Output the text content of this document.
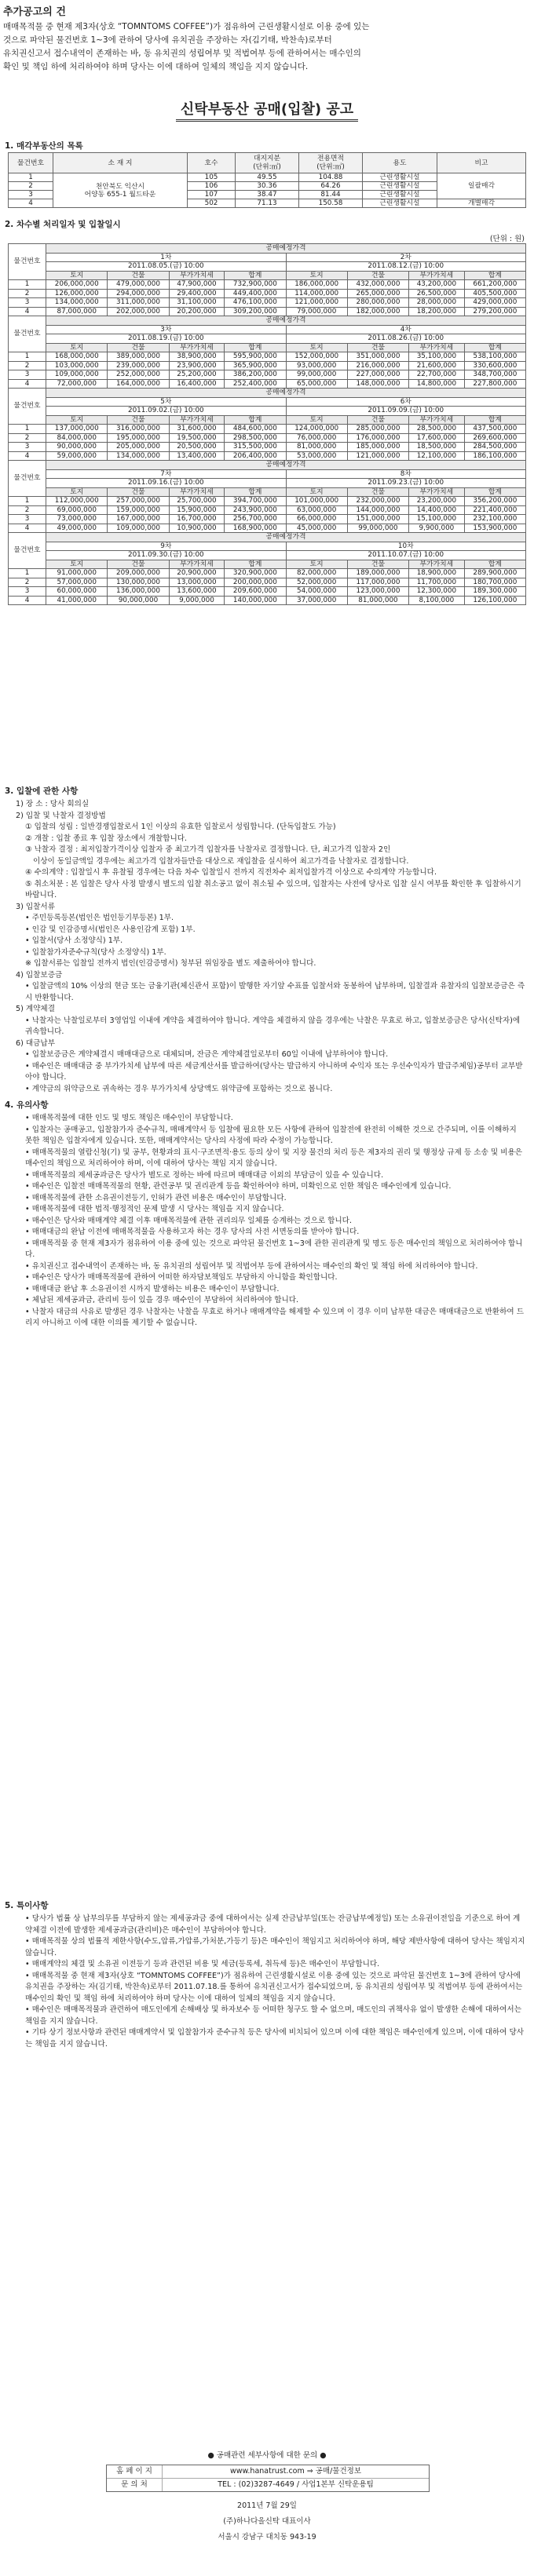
추가공고의 건
매매목적물 중 현재 제3자(상호 “TOMNTOMS COFFEE”)가 점유하여 근린생활시설로 이용 중에 있는
것으로 파악된 물건번호 1~3에 관하여 당사에 유치권을 주장하는 자(김기태, 박찬속)로부터
유치권신고서 접수내역이 존재하는 바, 동 유치권의 성립여부 및 적법여부 등에 관하여서는 매수인의
확인 및 책임 하에 처리하여야 하며 당사는 이에 대하여 일체의 책임을 지지 않습니다.
신탁부동산 공매(입찰) 공고
1. 매각부동산의 목록
물건번호	소 재 지	호수	대지지분
(단위:㎡)	전용면적
(단위:㎡)	용도	비고
1	천안북도 익산시
어양동 655-1 월드타운	105	49.55	104.88	근린생활시설	일괄매각
2		106	30.36	64.26	근린생활시설	
3		107	38.47	81.44	근린생활시설	
4		502	71.13	150.58	근린생활시설	개별매각
2. 차수별 처리일자 및 입찰일시
(단위 : 원)
물건번호	공매예정가격							
	1차				2차			
	2011.08.05.(금) 10:00				2011.08.12.(금) 10:00			
	토지	건물	부가가치세	합계	토지	건물	부가가치세	합계
1	206,000,000	479,000,000	47,900,000	732,900,000	186,000,000	432,000,000	43,200,000	661,200,000
2	126,000,000	294,000,000	29,400,000	449,400,000	114,000,000	265,000,000	26,500,000	405,500,000
3	134,000,000	311,000,000	31,100,000	476,100,000	121,000,000	280,000,000	28,000,000	429,000,000
4	87,000,000	202,000,000	20,200,000	309,200,000	79,000,000	182,000,000	18,200,000	279,200,000
물건번호	공매예정가격							
	3차				4차			
	2011.08.19.(금) 10:00				2011.08.26.(금) 10:00			
	토지	건물	부가가치세	합계	토지	건물	부가가치세	합계
1	168,000,000	389,000,000	38,900,000	595,900,000	152,000,000	351,000,000	35,100,000	538,100,000
2	103,000,000	239,000,000	23,900,000	365,900,000	93,000,000	216,000,000	21,600,000	330,600,000
3	109,000,000	252,000,000	25,200,000	386,200,000	99,000,000	227,000,000	22,700,000	348,700,000
4	72,000,000	164,000,000	16,400,000	252,400,000	65,000,000	148,000,000	14,800,000	227,800,000
물건번호	공매예정가격							
	5차				6차			
	2011.09.02.(금) 10:00				2011.09.09.(금) 10:00			
	토지	건물	부가가치세	합계	토지	건물	부가가치세	합계
1	137,000,000	316,000,000	31,600,000	484,600,000	124,000,000	285,000,000	28,500,000	437,500,000
2	84,000,000	195,000,000	19,500,000	298,500,000	76,000,000	176,000,000	17,600,000	269,600,000
3	90,000,000	205,000,000	20,500,000	315,500,000	81,000,000	185,000,000	18,500,000	284,500,000
4	59,000,000	134,000,000	13,400,000	206,400,000	53,000,000	121,000,000	12,100,000	186,100,000
물건번호	공매예정가격							
	7차				8차			
	2011.09.16.(금) 10:00				2011.09.23.(금) 10:00			
	토지	건물	부가가치세	합계	토지	건물	부가가치세	합계
1	112,000,000	257,000,000	25,700,000	394,700,000	101,000,000	232,000,000	23,200,000	356,200,000
2	69,000,000	159,000,000	15,900,000	243,900,000	63,000,000	144,000,000	14,400,000	221,400,000
3	73,000,000	167,000,000	16,700,000	256,700,000	66,000,000	151,000,000	15,100,000	232,100,000
4	49,000,000	109,000,000	10,900,000	168,900,000	45,000,000	99,000,000	9,900,000	153,900,000
물건번호	공매예정가격							
	9차				10차			
	2011.09.30.(금) 10:00				2011.10.07.(금) 10:00			
	토지	건물	부가가치세	합계	토지	건물	부가가치세	합계
1	91,000,000	209,000,000	20,900,000	320,900,000	82,000,000	189,000,000	18,900,000	289,900,000
2	57,000,000	130,000,000	13,000,000	200,000,000	52,000,000	117,000,000	11,700,000	180,700,000
3	60,000,000	136,000,000	13,600,000	209,600,000	54,000,000	123,000,000	12,300,000	189,300,000
4	41,000,000	90,000,000	9,000,000	140,000,000	37,000,000	81,000,000	8,100,000	126,100,000
3. 입찰에 관한 사항

1) 장 소 : 당사 회의실

2) 입찰 및 낙찰자 결정방법

① 입찰의 성립 : 일반경쟁입찰로서 1인 이상의 유효한 입찰로서 성립합니다. (단독입찰도 가능)

② 개찰 : 입찰 종료 후 입찰 장소에서 개찰합니다.

③ 낙찰자 결정 : 최저입찰가격이상 입찰자 중 최고가격 입찰자를 낙찰자로 결정합니다. 단, 최고가격 입찰자 2인

이상이 동일금액일 경우에는 최고가격 입찰자들만을 대상으로 재입찰을 실시하여 최고가격을 낙찰자로 결정합니다.

④ 수의계약 : 입찰일시 후 유찰될 경우에는 다음 차수 입찰일시 전까지 직전차수 최저입찰가격 이상으로 수의계약 가능합니다.

⑤ 취소처분 : 본 입찰은 당사 사정 발생시 별도의 입찰 취소공고 없이 취소될 수 있으며, 입찰자는 사전에 당사로 입찰 실시 여부를 확인한 후 입찰하시기 바랍니다.

3) 입찰서류

• 주민등록등본(법인은 법인등기부등본) 1부.

• 인감 및 인감증명서(법인은 사용인감계 포함) 1부.

• 입찰서(당사 소정양식) 1부.

• 입찰참가자준수규칙(당사 소정양식) 1부.

※ 입찰서류는 입찰일 전까지 법인(인감증명서) 청부된 위임장을 별도 제출하여야 합니다.

4) 입찰보증금

• 입찰금액의 10% 이상의 현금 또는 금융기관(체신관서 포함)이 발행한 자기앞 수표를 입찰서와 동봉하여 납부하며, 입찰결과 유찰자의 입찰보증금은 즉시 반환합니다.

5) 계약체결

• 낙찰자는 낙찰일로부터 3영업일 이내에 계약을 체결하여야 합니다. 계약을 체결하지 않을 경우에는 낙찰은 무효로 하고, 입찰보증금은 당사(신탁자)에 귀속합니다.

6) 대금납부

• 입찰보증금은 계약체결시 매매대금으로 대체되며, 잔금은 계약체결일로부터 60일 이내에 납부하여야 합니다.

• 매수인은 매매대금 중 부가가치세 납부에 따른 세금계산서를 발급하여(당사는 발급하지 아니하며 수익자 또는 우선수익자가 발급주체임)공부터 교부받아야 합니다.

• 계약금의 위약금으로 귀속하는 경우 부가가치세 상당액도 위약금에 포함하는 것으로 봅니다.

4. 유의사항

• 매매목적물에 대한 인도 및 명도 책임은 매수인이 부담합니다.

• 입찰자는 공매공고, 입찰참가자 준수규칙, 매매계약서 등 입찰에 필요한 모든 사항에 관하여 입찰전에 완전히 이해한 것으로 간주되며, 이를 이해하지 못한 책임은 입찰자에게 있습니다. 또한, 매매계약서는 당사의 사정에 따라 수정이 가능합니다.

• 매매목적물의 열람신청(기) 및 공부, 현황과의 표시·구조면적·용도 등의 상이 및 지장 물건의 처리 등은 제3자의 권리 및 행정상 규제 등 소송 및 비용은 매수인의 책임으로 처리하여야 하며, 이에 대하여 당사는 책임 지지 않습니다.

• 매매목적물의 제세공과금은 당사가 별도로 정하는 바에 따르며 매매대금 이외의 부담금이 있을 수 있습니다.

• 매수인은 입찰전 매매목적물의 현황, 관련공부 및 권리관계 등을 확인하여야 하며, 미확인으로 인한 책임은 매수인에게 있습니다.

• 매매목적물에 관한 소유권이전등기, 인허가 관련 비용은 매수인이 부담합니다.

• 매매목적물에 대한 법적·행정적인 문제 발생 시 당사는 책임을 지지 않습니다.

• 매수인은 당사와 매매계약 체결 이후 매매목적물에 관한 권리의무 일체를 승계하는 것으로 합니다.

• 매매대금의 완납 이전에 매매목적물을 사용하고자 하는 경우 당사의 사전 서면동의를 받아야 합니다.

• 매매목적물 중 현재 제3자가 점유하여 이용 중에 있는 것으로 파악된 물건번호 1~3에 관한 권리관계 및 명도 등은 매수인의 책임으로 처리하여야 합니다.

• 유치권신고 접수내역이 존재하는 바, 동 유치권의 성립여부 및 적법여부 등에 관하여서는 매수인의 확인 및 책임 하에 처리하여야 합니다.

• 매수인은 당사가 매매목적물에 관하여 어떠한 하자담보책임도 부담하지 아니함을 확인합니다.

• 매매대금 완납 후 소유권이전 시까지 발생하는 비용은 매수인이 부담합니다.

• 체납된 제세공과금, 관리비 등이 있을 경우 매수인이 부담하여 처리하여야 합니다.

• 낙찰자 대금의 사유로 발생된 경우 낙찰자는 낙찰을 무효로 하거나 매매계약을 해제할 수 있으며 이 경우 이미 납부한 대금은 매매대금으로 반환하여 드리지 아니하고 이에 대한 이의를 제기할 수 없습니다.

5. 특이사항

• 당사가 법률 상 납부의무를 부담하지 않는 제세공과금 중에 대하여서는 실제 잔금납부일(또는 잔금납부예정일) 또는 소유권이전일을 기준으로 하여 계약체결 이전에 발생한 제세공과금(관리비)은 매수인이 부담하여야 합니다.

• 매매목적물 상의 법률적 제한사항(수도,압류,가압류,가처분,가등기 등)은 매수인이 책임지고 처리하여야 하며, 해당 제반사항에 대하여 당사는 책임지지 않습니다.

• 매매계약의 체결 및 소유권 이전등기 등과 관련된 비용 및 세금(등록세, 취득세 등)은 매수인이 부담합니다.

• 매매목적물 중 현재 제3자(상호 “TOMNTOMS COFFEE”)가 점유하여 근린생활시설로 이용 중에 있는 것으로 파악된 물건번호 1~3에 관하여 당사에 유치권을 주장하는 자(김기태, 박찬속)로부터 2011.07.18.를 통하여 유치권신고서가 접수되었으며, 동 유치권의 성립여부 및 적법여부 등에 관하여서는 매수인의 확인 및 책임 하에 처리하여야 하며 당사는 이에 대하여 일체의 책임을 지지 않습니다.

• 매수인은 매매목적물과 관련하여 매도인에게 손해배상 및 하자보수 등 어떠한 청구도 할 수 없으며, 매도인의 귀책사유 없이 발생한 손해에 대하여서는 책임을 지지 않습니다.

• 기타 상기 정보사항과 관련된 매매계약서 및 입찰참가자 준수규칙 등은 당사에 비치되어 있으며 이에 대한 책임은 매수인에게 있으며, 이에 대하여 당사는 책임을 지지 않습니다.

● 공매관련 세부사항에 대한 문의 ●
홈 페 이 지	www.hanatrust.com ⇒ 공매/물건정보
문 의 처	TEL : (02)3287-4649 / 사업1본부 신탁운용팀
2011년 7월 29일
(주)하나다올신탁 대표이사
서울시 강남구 대치동 943-19
